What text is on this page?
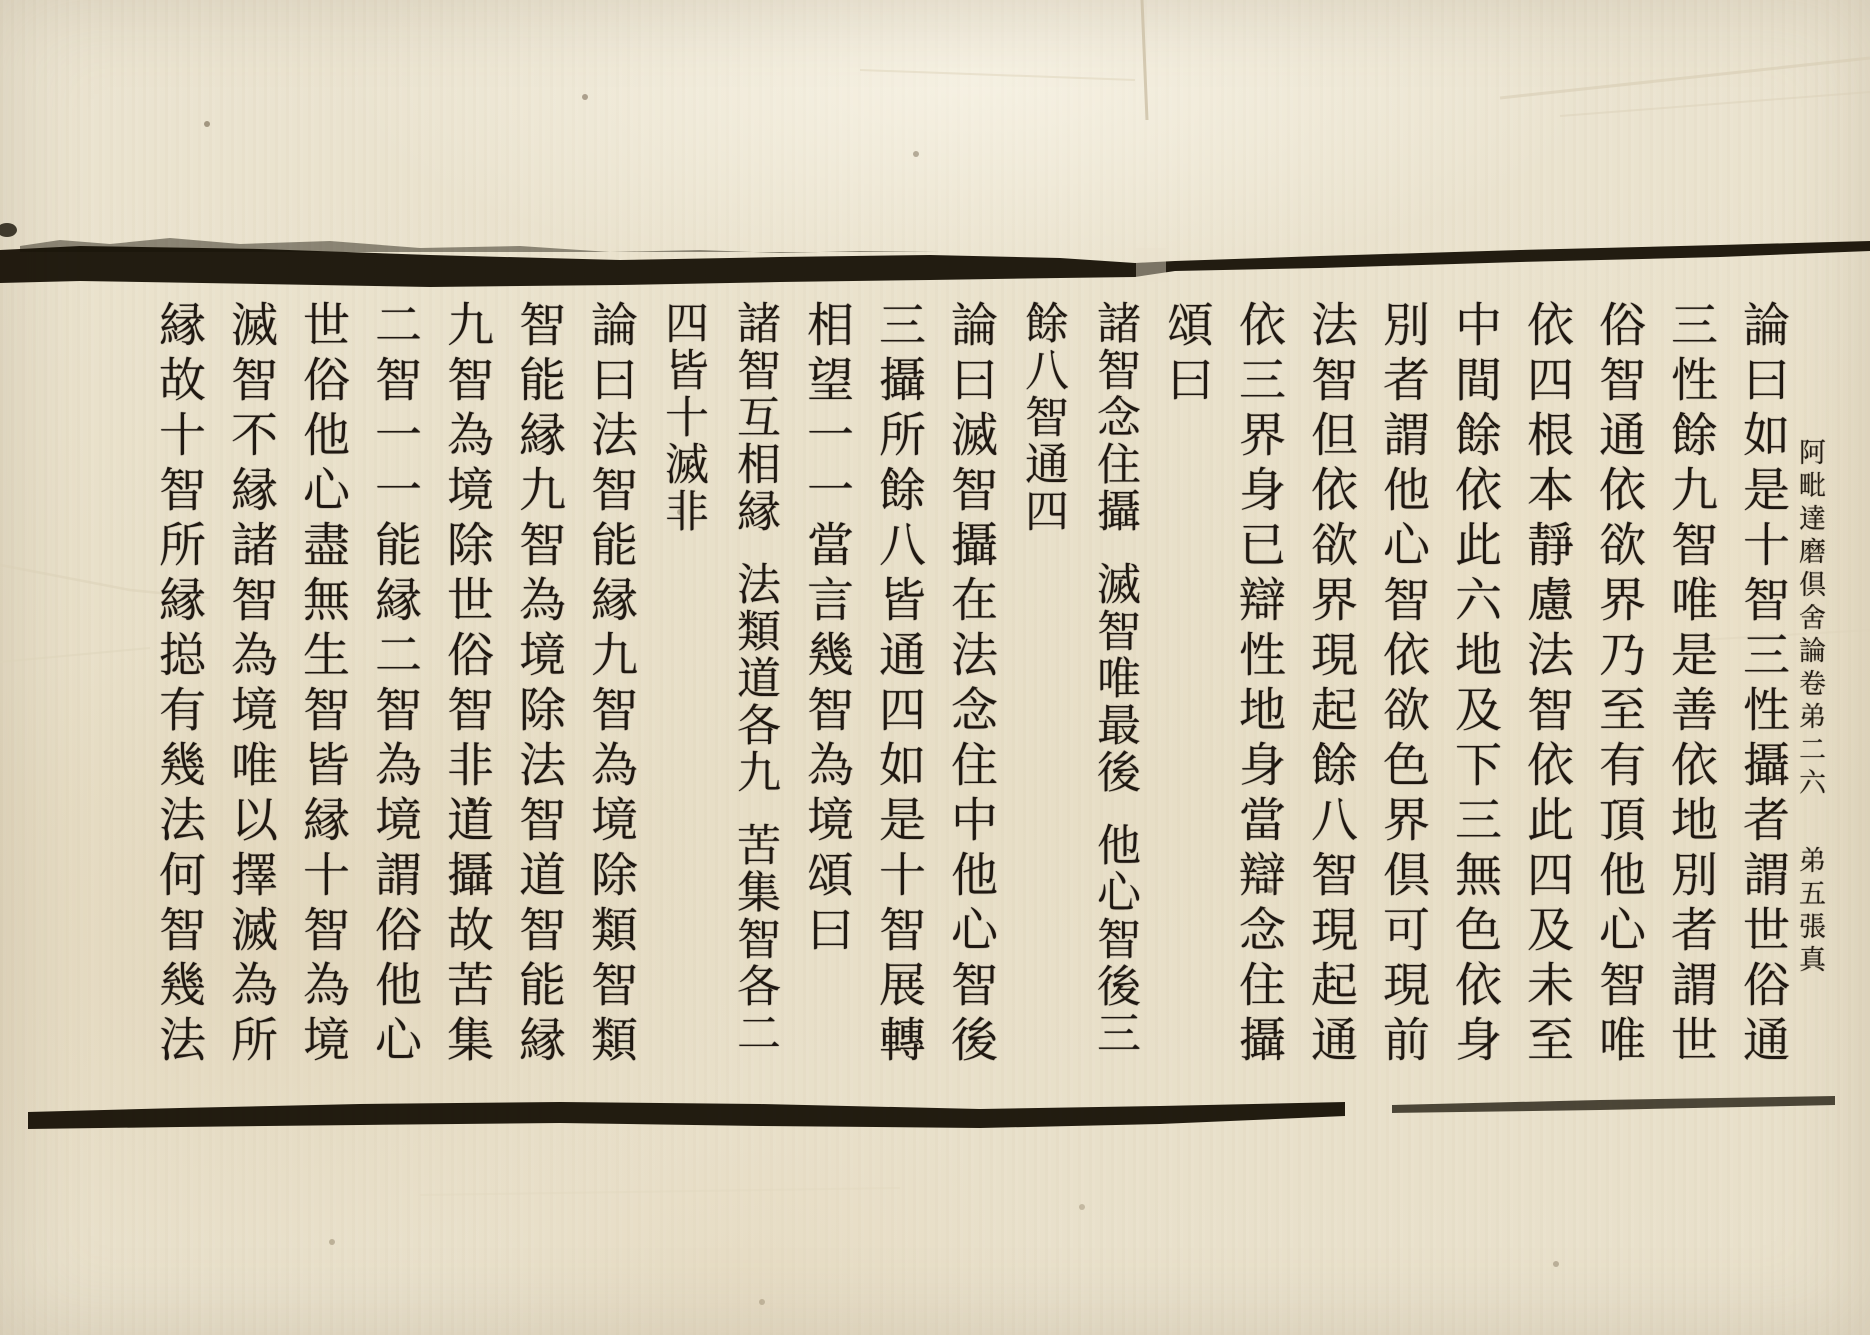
阿毗達磨倶舍論卷弟二六 弟五張真
論曰如是十智三性攝者謂世俗通
三性餘九智唯是善依地別者謂世
俗智通依欲界乃至有頂他心智唯
依四根本靜慮法智依此四及未至
中間餘依此六地及下三無色依身
別者謂他心智依欲色界倶可現前
法智但依欲界現起餘八智現起通
依三界身已辯性地身當辯念住攝
頌曰
諸智念住攝滅智唯最後他心智後三
餘八智通四
論曰滅智攝在法念住中他心智後
三攝所餘八皆通四如是十智展轉
相望一一當言幾智為境頌曰
諸智互相縁法類道各九苦集智各二
四皆十滅非
論曰法智能縁九智為境除類智類
智能縁九智為境除法智道智能縁
九智為境除世俗智非道攝故苦集
二智一一能縁二智為境謂俗他心
世俗他心盡無生智皆縁十智為境
滅智不縁諸智為境唯以擇滅為所
縁故十智所縁搃有幾法何智幾法
